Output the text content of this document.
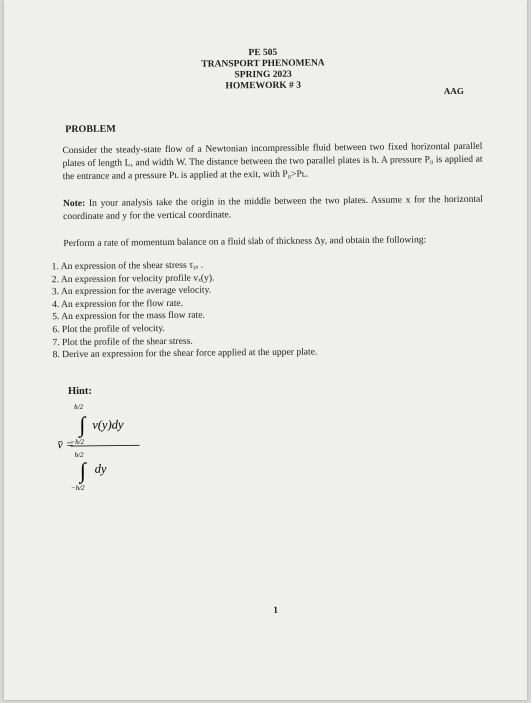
PE 505
TRANSPORT PHENOMENA
SPRING 2023
HOMEWORK # 3	AAG
PROBLEM
Consider the steady-state flow of a Newtonian incompressible fluid between two fixed horizontal parallel plates of length L, and width W. The distance between the two parallel plates is h. A pressure P₀ is applied at the entrance and a pressure Pʟ is applied at the exit, with P₀>Pʟ.
Note: In your analysis take the origin in the middle between the two plates. Assume x for the horizontal coordinate and y for the vertical coordinate.
Perform a rate of momentum balance on a fluid slab of thickness Δy, and obtain the following:
1. An expression of the shear stress τᵧₓ .
2. An expression for velocity profile vₓ(y).
3. An expression for the average velocity.
4. An expression for the flow rate.
5. An expression for the mass flow rate.
6. Plot the profile of velocity.
7. Plot the profile of the shear stress.
8. Derive an expression for the shear force applied at the upper plate.
Hint:
v̄ =
h/2
∫
−h/2
v(y)dy
h/2
∫
−h/2
dy
1
